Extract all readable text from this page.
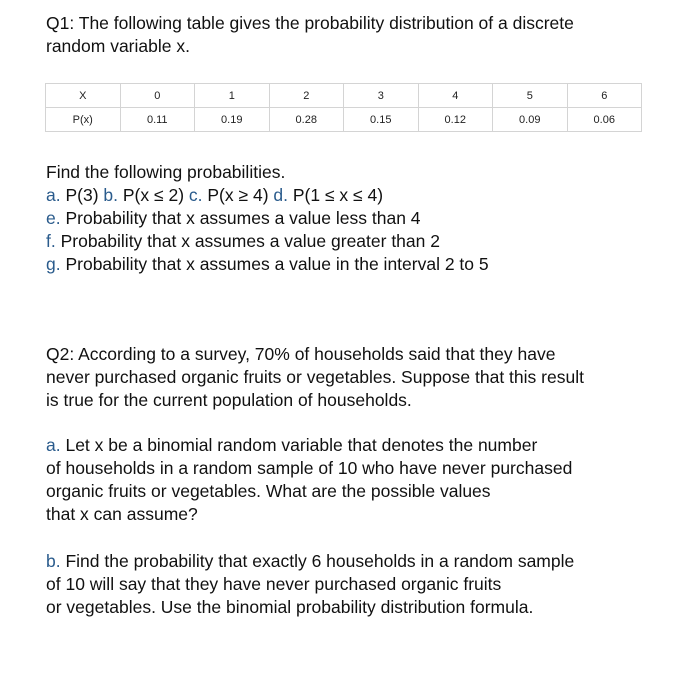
Q1: The following table gives the probability distribution of a discrete
random variable x.
X	0	1	2	3	4	5	6
P(x)	0.11	0.19	0.28	0.15	0.12	0.09	0.06
Find the following probabilities.
a. P(3) b. P(x ≤ 2) c. P(x ≥ 4) d. P(1 ≤ x ≤ 4)
e. Probability that x assumes a value less than 4
f. Probability that x assumes a value greater than 2
g. Probability that x assumes a value in the interval 2 to 5
Q2: According to a survey, 70% of households said that they have
never purchased organic fruits or vegetables. Suppose that this result
is true for the current population of households.
a. Let x be a binomial random variable that denotes the number
of households in a random sample of 10 who have never purchased
organic fruits or vegetables. What are the possible values
that x can assume?
b. Find the probability that exactly 6 households in a random sample
of 10 will say that they have never purchased organic fruits
or vegetables. Use the binomial probability distribution formula.
